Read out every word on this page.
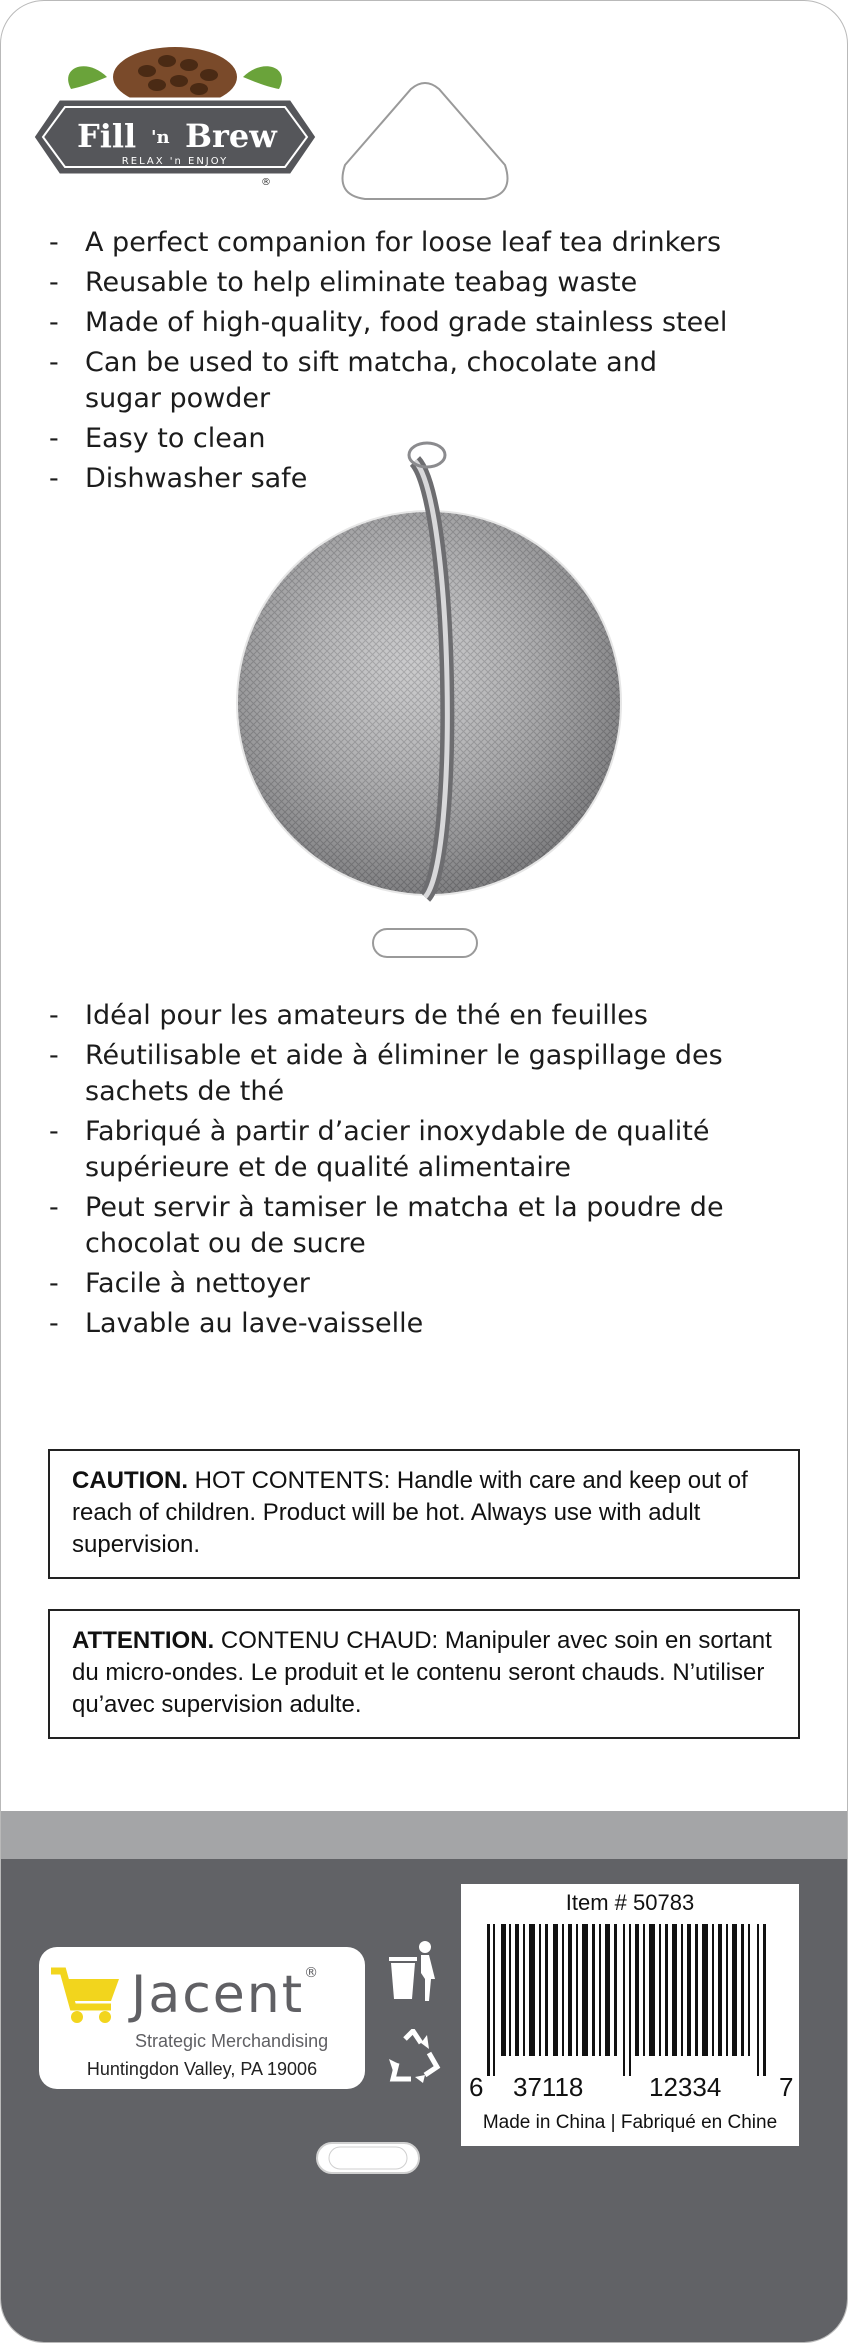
Fill 'n Brew
RELAX 'n ENJOY
®
- A perfect companion for loose leaf tea drinkers
- Reusable to help eliminate teabag waste
- Made of high-quality, food grade stainless steel
- Can be used to sift matcha, chocolate and sugar powder
- Easy to clean
- Dishwasher safe
- Idéal pour les amateurs de thé en feuilles
- Réutilisable et aide à éliminer le gaspillage des sachets de thé
- Fabriqué à partir d’acier inoxydable de qualité supérieure et de qualité alimentaire
- Peut servir à tamiser le matcha et la poudre de chocolat ou de sucre
- Facile à nettoyer
- Lavable au lave-vaisselle
CAUTION. HOT CONTENTS: Handle with care and keep out of reach of children. Product will be hot. Always use with adult supervision.
ATTENTION. CONTENU CHAUD: Manipuler avec soin en sortant du micro-ondes. Le produit et le contenu seront chauds. N’utiliser qu’avec supervision adulte.
Jacent®
Strategic Merchandising
Huntingdon Valley, PA 19006
Item # 50783
6 37118	12334 7
Made in China | Fabriqué en Chine
